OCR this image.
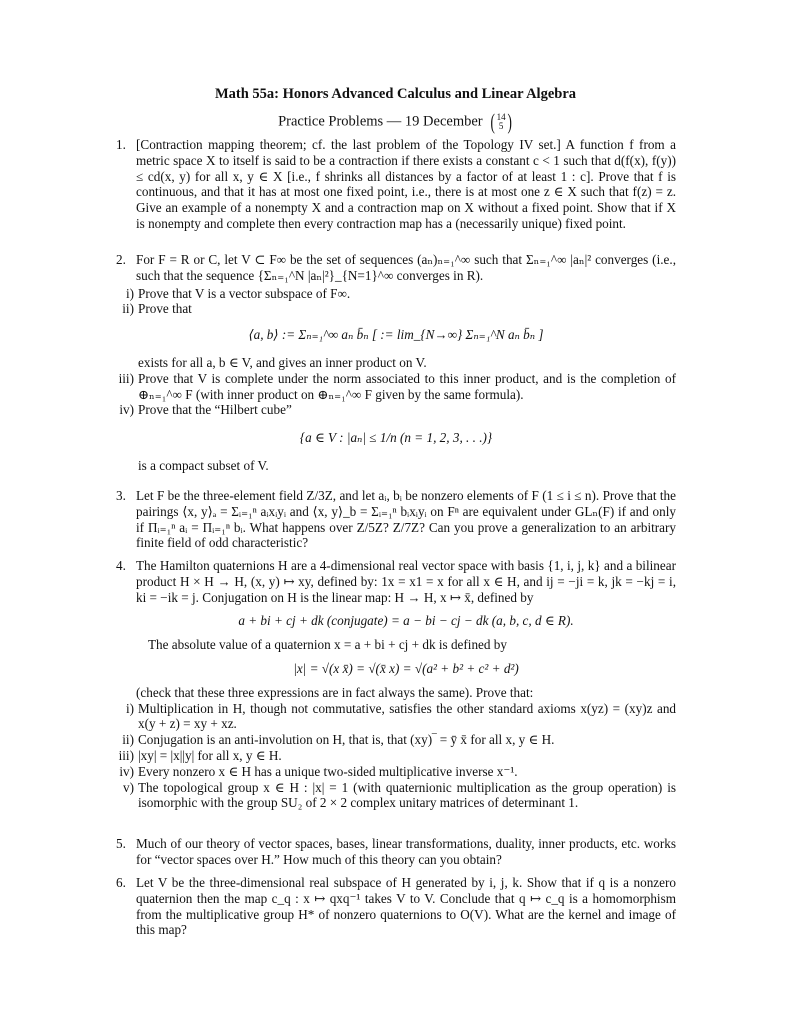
Math 55a: Honors Advanced Calculus and Linear Algebra
Practice Problems — 19 December ( 14
5 )
1. [Contraction mapping theorem; cf. the last problem of the Topology IV set.] A function f from a metric space X to itself is said to be a contraction if there exists a constant c < 1 such that d(f(x), f(y)) ≤ cd(x, y) for all x, y ∈ X [i.e., f shrinks all distances by a factor of at least 1 : c]. Prove that f is continuous, and that it has at most one fixed point, i.e., there is at most one z ∈ X such that f(z) = z. Give an example of a nonempty X and a contraction map on X without a fixed point. Show that if X is nonempty and complete then every contraction map has a (necessarily unique) fixed point.

2. For F = R or C, let V ⊂ F∞ be the set of sequences (aₙ)ₙ₌₁^∞ such that Σₙ₌₁^∞ |aₙ|² converges (i.e., such that the sequence {Σₙ₌₁^N |aₙ|²}_{N=1}^∞ converges in R).

i) Prove that V is a vector subspace of F∞.
ii) Prove that
⟨a, b⟩ := Σₙ₌₁^∞ aₙ b̄ₙ [ := lim_{N→∞} Σₙ₌₁^N aₙ b̄ₙ ]
exists for all a, b ∈ V, and gives an inner product on V.
iii) Prove that V is complete under the norm associated to this inner product, and is the completion of ⊕ₙ₌₁^∞ F (with inner product on ⊕ₙ₌₁^∞ F given by the same formula).
iv) Prove that the “Hilbert cube”
{a ∈ V : |aₙ| ≤ 1/n (n = 1, 2, 3, . . .)}
is a compact subset of V.
3. Let F be the three-element field Z/3Z, and let aᵢ, bᵢ be nonzero elements of F (1 ≤ i ≤ n). Prove that the pairings ⟨x, y⟩ₐ = Σᵢ₌₁ⁿ aᵢxᵢyᵢ and ⟨x, y⟩_b = Σᵢ₌₁ⁿ bᵢxᵢyᵢ on Fⁿ are equivalent under GLₙ(F) if and only if Πᵢ₌₁ⁿ aᵢ = Πᵢ₌₁ⁿ bᵢ. What happens over Z/5Z? Z/7Z? Can you prove a generalization to an arbitrary finite field of odd characteristic?

4. The Hamilton quaternions H are a 4-dimensional real vector space with basis {1, i, j, k} and a bilinear product H × H → H, (x, y) ↦ xy, defined by: 1x = x1 = x for all x ∈ H, and ij = −ji = k, jk = −kj = i, ki = −ik = j. Conjugation on H is the linear map: H → H, x ↦ x̄, defined by

a + bi + cj + dk (conjugate) = a − bi − cj − dk (a, b, c, d ∈ R).

The absolute value of a quaternion x = a + bi + cj + dk is defined by

|x| = √(x x̄) = √(x̄ x) = √(a² + b² + c² + d²)

(check that these three expressions are in fact always the same). Prove that:

i) Multiplication in H, though not commutative, satisfies the other standard axioms x(yz) = (xy)z and x(y + z) = xy + xz.
ii) Conjugation is an anti-involution on H, that is, that (xy)‾ = ȳ x̄ for all x, y ∈ H.
iii) |xy| = |x||y| for all x, y ∈ H.
iv) Every nonzero x ∈ H has a unique two-sided multiplicative inverse x⁻¹.
v) The topological group x ∈ H : |x| = 1 (with quaternionic multiplication as the group operation) is isomorphic with the group SU₂ of 2 × 2 complex unitary matrices of determinant 1.
5. Much of our theory of vector spaces, bases, linear transformations, duality, inner products, etc. works for “vector spaces over H.” How much of this theory can you obtain?

6. Let V be the three-dimensional real subspace of H generated by i, j, k. Show that if q is a nonzero quaternion then the map c_q : x ↦ qxq⁻¹ takes V to V. Conclude that q ↦ c_q is a homomorphism from the multiplicative group H* of nonzero quaternions to O(V). What are the kernel and image of this map?
